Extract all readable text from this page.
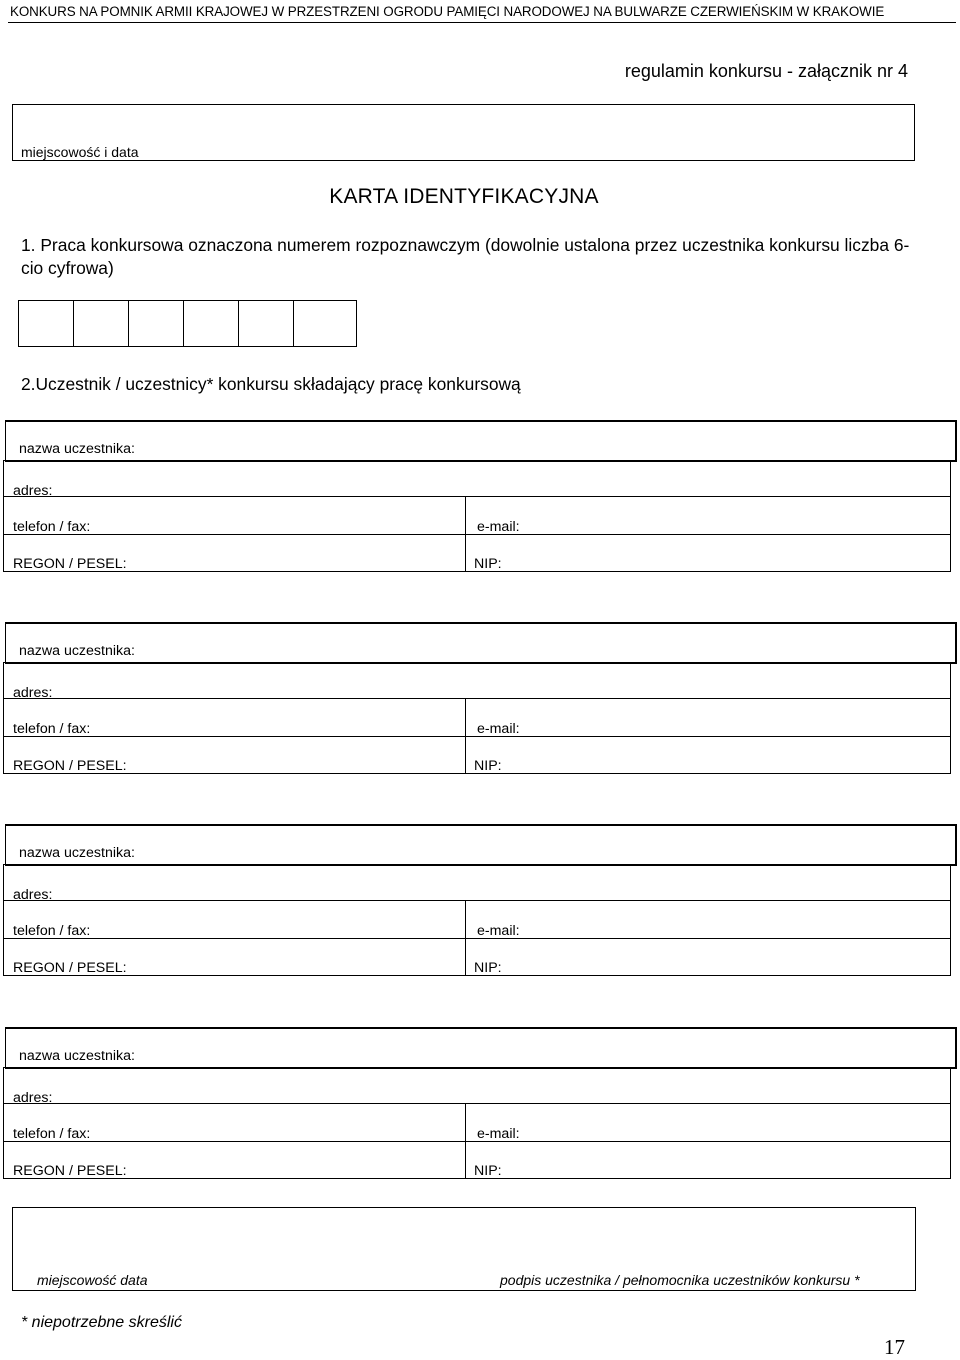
KONKURS NA POMNIK ARMII KRAJOWEJ W PRZESTRZENI OGRODU PAMIĘCI NARODOWEJ NA BULWARZE CZERWIEŃSKIM W KRAKOWIE
regulamin konkursu - załącznik nr 4
miejscowość i data
KARTA IDENTYFIKACYJNA
1. Praca konkursowa oznaczona numerem rozpoznawczym (dowolnie ustalona przez uczestnika konkursu liczba 6-cio cyfrowa)
2.Uczestnik / uczestnicy* konkursu składający pracę konkursową
nazwa uczestnika:
adres:
telefon / fax:	e-mail:
REGON / PESEL:	NIP:
nazwa uczestnika:
adres:
telefon / fax:	e-mail:
REGON / PESEL:	NIP:
nazwa uczestnika:
adres:
telefon / fax:	e-mail:
REGON / PESEL:	NIP:
nazwa uczestnika:
adres:
telefon / fax:	e-mail:
REGON / PESEL:	NIP:
miejscowość data	podpis uczestnika / pełnomocnika uczestników konkursu *
* niepotrzebne skreślić
17
